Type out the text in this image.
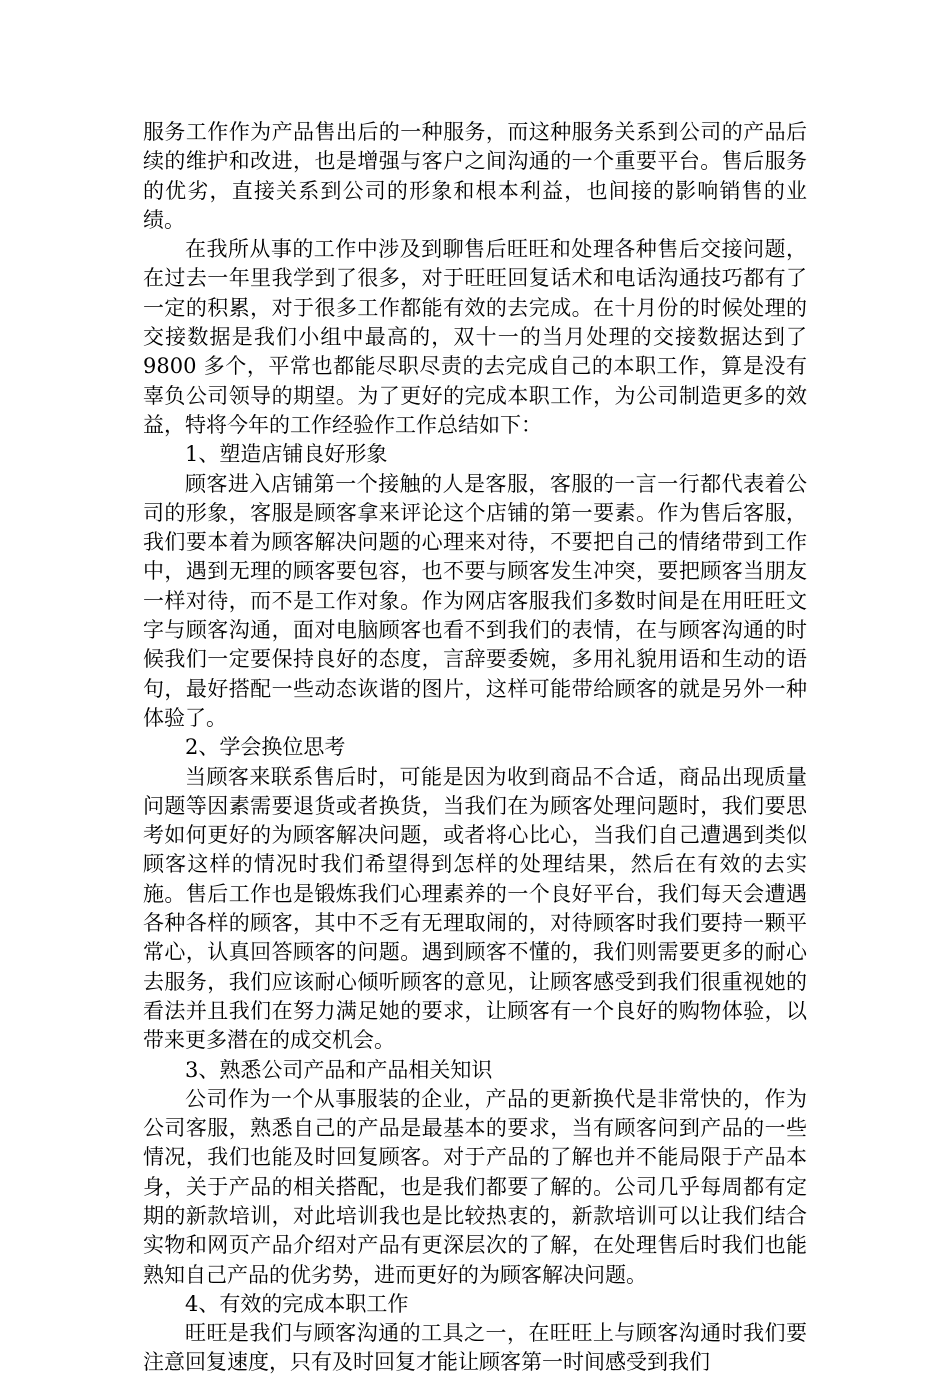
服务工作作为产品售出后的一种服务，而这种服务关系到公司的产品后续的维护和改进，也是增强与客户之间沟通的一个重要平台。售后服务的优劣，直接关系到公司的形象和根本利益，也间接的影响销售的业绩。

在我所从事的工作中涉及到聊售后旺旺和处理各种售后交接问题，在过去一年里我学到了很多，对于旺旺回复话术和电话沟通技巧都有了一定的积累，对于很多工作都能有效的去完成。在十月份的时候处理的交接数据是我们小组中最高的，双十一的当月处理的交接数据达到了 9800 多个，平常也都能尽职尽责的去完成自己的本职工作，算是没有辜负公司领导的期望。为了更好的完成本职工作，为公司制造更多的效益，特将今年的工作经验作工作总结如下：

1、塑造店铺良好形象

顾客进入店铺第一个接触的人是客服，客服的一言一行都代表着公司的形象，客服是顾客拿来评论这个店铺的第一要素。作为售后客服，我们要本着为顾客解决问题的心理来对待，不要把自己的情绪带到工作中，遇到无理的顾客要包容，也不要与顾客发生冲突，要把顾客当朋友一样对待，而不是工作对象。作为网店客服我们多数时间是在用旺旺文字与顾客沟通，面对电脑顾客也看不到我们的表情，在与顾客沟通的时候我们一定要保持良好的态度，言辞要委婉，多用礼貌用语和生动的语句，最好搭配一些动态诙谐的图片，这样可能带给顾客的就是另外一种体验了。

2、学会换位思考

当顾客来联系售后时，可能是因为收到商品不合适，商品出现质量问题等因素需要退货或者换货，当我们在为顾客处理问题时，我们要思考如何更好的为顾客解决问题，或者将心比心，当我们自己遭遇到类似顾客这样的情况时我们希望得到怎样的处理结果，然后在有效的去实施。售后工作也是锻炼我们心理素养的一个良好平台，我们每天会遭遇各种各样的顾客，其中不乏有无理取闹的，对待顾客时我们要持一颗平常心，认真回答顾客的问题。遇到顾客不懂的，我们则需要更多的耐心去服务，我们应该耐心倾听顾客的意见，让顾客感受到我们很重视她的看法并且我们在努力满足她的要求，让顾客有一个良好的购物体验，以带来更多潜在的成交机会。

3、熟悉公司产品和产品相关知识

公司作为一个从事服装的企业，产品的更新换代是非常快的，作为公司客服，熟悉自己的产品是最基本的要求，当有顾客问到产品的一些情况，我们也能及时回复顾客。对于产品的了解也并不能局限于产品本身，关于产品的相关搭配，也是我们都要了解的。公司几乎每周都有定期的新款培训，对此培训我也是比较热衷的，新款培训可以让我们结合实物和网页产品介绍对产品有更深层次的了解，在处理售后时我们也能熟知自己产品的优劣势，进而更好的为顾客解决问题。

4、有效的完成本职工作

旺旺是我们与顾客沟通的工具之一，在旺旺上与顾客沟通时我们要注意回复速度，只有及时回复才能让顾客第一时间感受到我们
